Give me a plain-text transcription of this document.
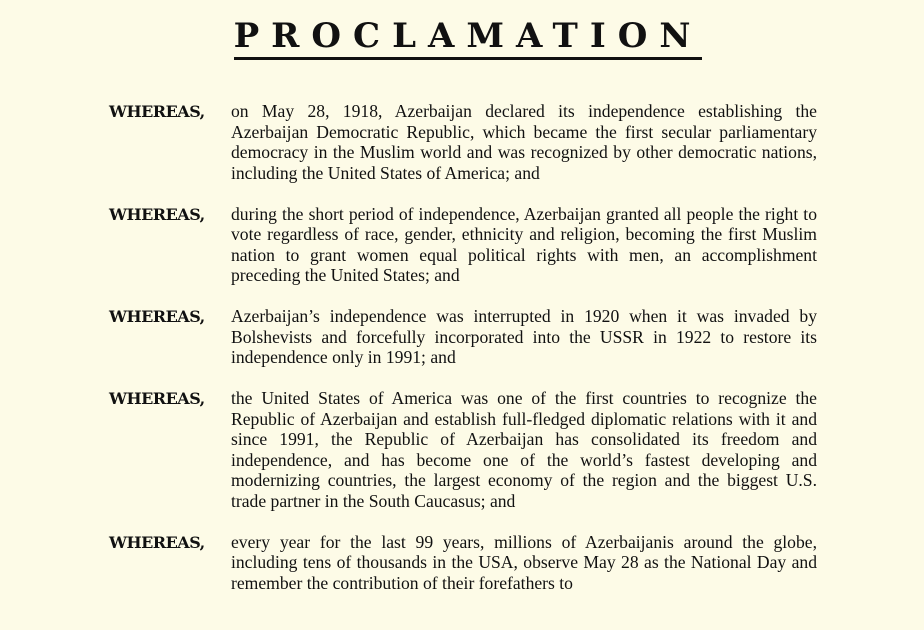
PROCLAMATION
WHEREAS, on May 28, 1918, Azerbaijan declared its independence establishing the Azerbaijan Democratic Republic, which became the first secular parliamentary democracy in the Muslim world and was recognized by other democratic nations, including the United States of America; and
WHEREAS, during the short period of independence, Azerbaijan granted all people the right to vote regardless of race, gender, ethnicity and religion, becoming the first Muslim nation to grant women equal political rights with men, an accomplishment preceding the United States; and
WHEREAS, Azerbaijan’s independence was interrupted in 1920 when it was invaded by Bolshevists and forcefully incorporated into the USSR in 1922 to restore its independence only in 1991; and
WHEREAS, the United States of America was one of the first countries to recognize the Republic of Azerbaijan and establish full-fledged diplomatic relations with it and since 1991, the Republic of Azerbaijan has consolidated its freedom and independence, and has become one of the world’s fastest developing and modernizing countries, the largest economy of the region and the biggest U.S. trade partner in the South Caucasus; and
WHEREAS, every year for the last 99 years, millions of Azerbaijanis around the globe, including tens of thousands in the USA, observe May 28 as the National Day and remember the contribution of their forefathers to
